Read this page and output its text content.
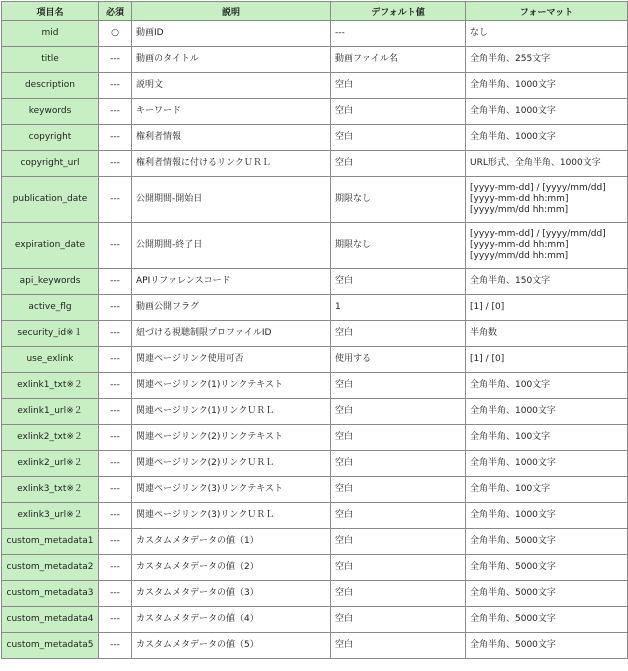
項目名	必須	説明	デフォルト値	フォーマット
mid	○	動画ID	---	なし
title	---	動画のタイトル	動画ファイル名	全角半角、255文字
description	---	説明文	空白	全角半角、1000文字
keywords	---	キーワード	空白	全角半角、1000文字
copyright	---	権利者情報	空白	全角半角、1000文字
copyright_url	---	権利者情報に付けるリンクＵＲＬ	空白	URL形式、全角半角、1000文字
publication_date	---	公開期間-開始日	期限なし	[yyyy-mm-dd] / [yyyy/mm/dd]
[yyyy-mm-dd hh:mm]
[yyyy/mm/dd hh:mm]
expiration_date	---	公開期間-終了日	期限なし	[yyyy-mm-dd] / [yyyy/mm/dd]
[yyyy-mm-dd hh:mm]
[yyyy/mm/dd hh:mm]
api_keywords	---	APIリファレンスコード	空白	全角半角、150文字
active_flg	---	動画公開フラグ	1	[1] / [0]
security_id※１	---	紐づける視聴制限プロファイルID	空白	半角数
use_exlink	---	関連ページリンク使用可否	使用する	[1] / [0]
exlink1_txt※２	---	関連ページリンク(1)リンクテキスト	空白	全角半角、100文字
exlink1_url※２	---	関連ページリンク(1)リンクＵＲＬ	空白	全角半角、1000文字
exlink2_txt※２	---	関連ページリンク(2)リンクテキスト	空白	全角半角、100文字
exlink2_url※２	---	関連ページリンク(2)リンクＵＲＬ	空白	全角半角、1000文字
exlink3_txt※２	---	関連ページリンク(3)リンクテキスト	空白	全角半角、100文字
exlink3_url※２	---	関連ページリンク(3)リンクＵＲＬ	空白	全角半角、1000文字
custom_metadata1	---	カスタムメタデータの値（1）	空白	全角半角、5000文字
custom_metadata2	---	カスタムメタデータの値（2）	空白	全角半角、5000文字
custom_metadata3	---	カスタムメタデータの値（3）	空白	全角半角、5000文字
custom_metadata4	---	カスタムメタデータの値（4）	空白	全角半角、5000文字
custom_metadata5	---	カスタムメタデータの値（5）	空白	全角半角、5000文字
